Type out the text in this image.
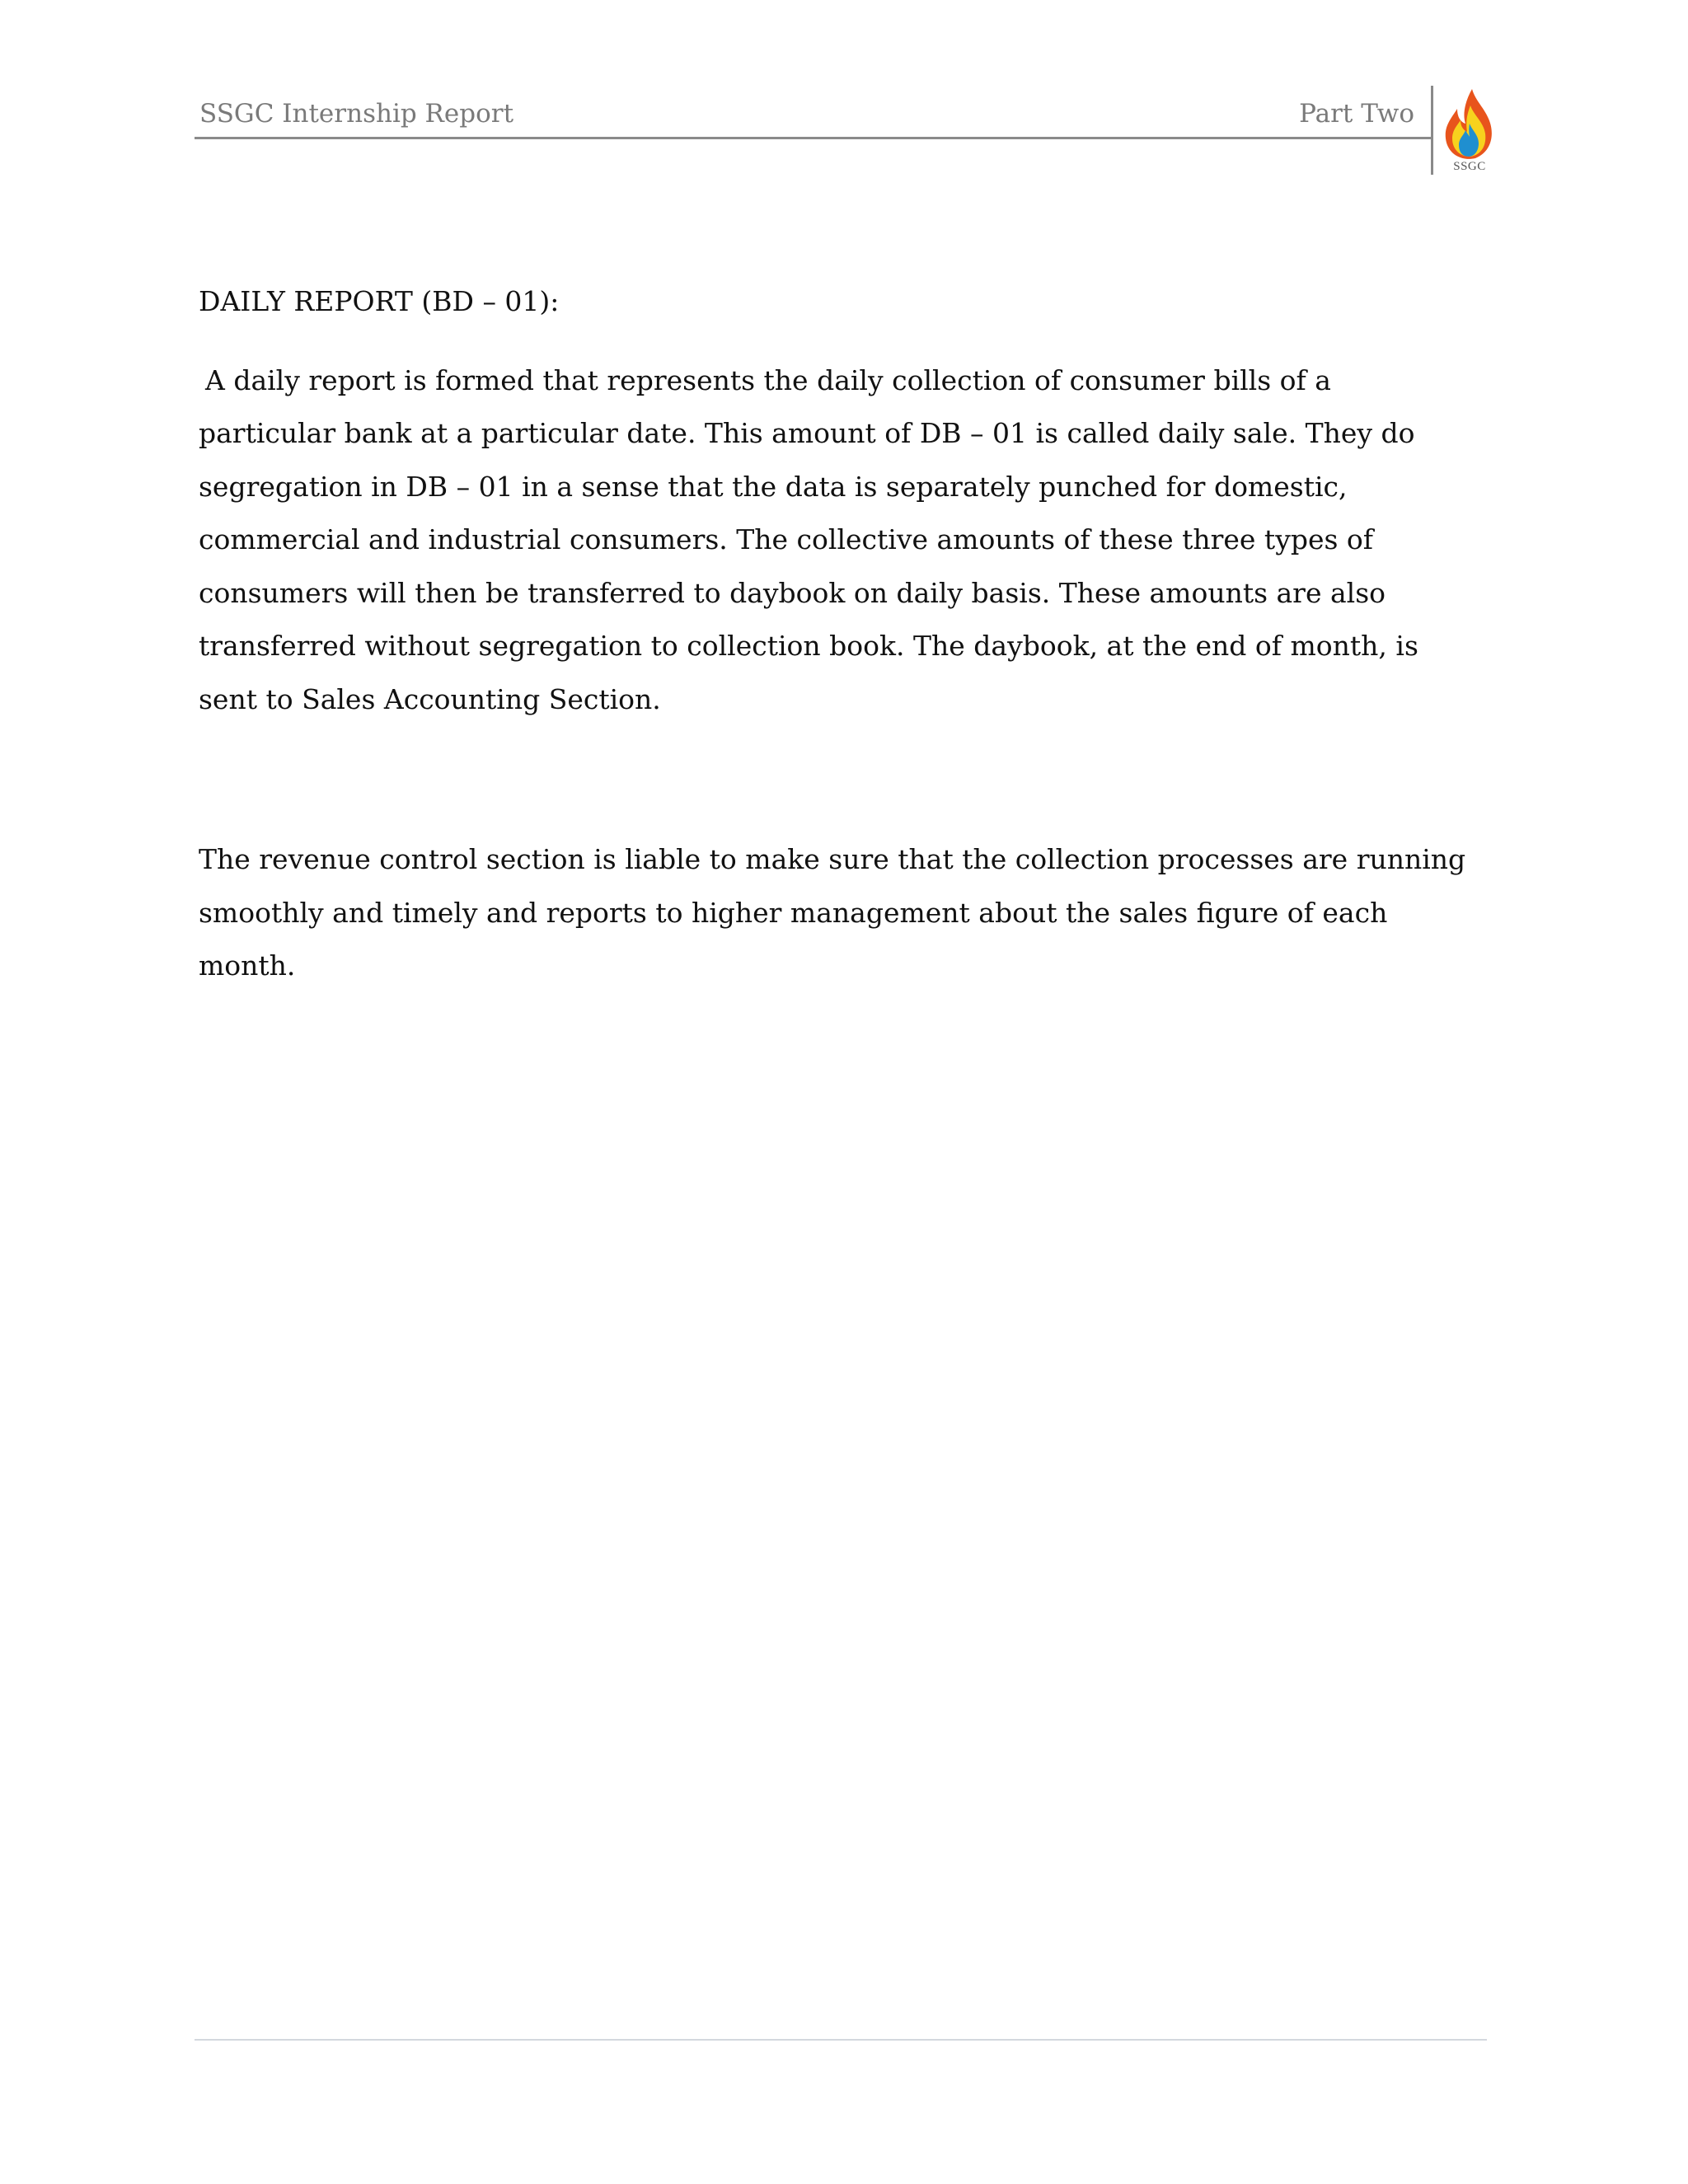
SSGC Internship Report	Part Two
SSGC

DAILY REPORT (BD – 01):

A daily report is formed that represents the daily collection of consumer bills of a particular bank at a particular date. This amount of DB – 01 is called daily sale. They do segregation in DB – 01 in a sense that the data is separately punched for domestic, commercial and industrial consumers. The collective amounts of these three types of consumers will then be transferred to daybook on daily basis. These amounts are also transferred without segregation to collection book. The daybook, at the end of month, is sent to Sales Accounting Section.

The revenue control section is liable to make sure that the collection processes are running smoothly and timely and reports to higher management about the sales figure of each month.
